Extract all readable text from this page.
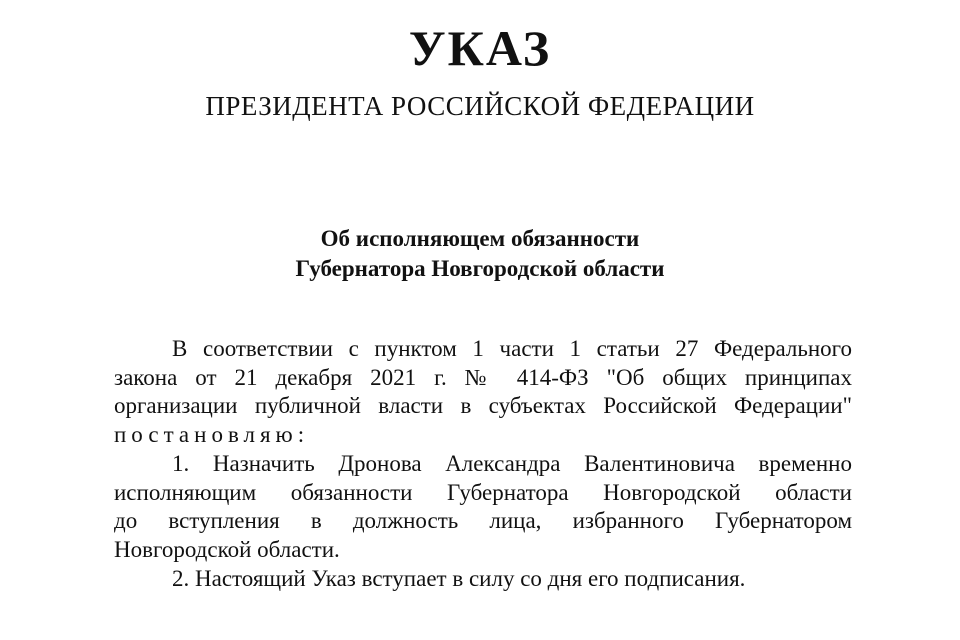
УКАЗ
ПРЕЗИДЕНТА РОССИЙСКОЙ ФЕДЕРАЦИИ
Об исполняющем обязанности
Губернатора Новгородской области
В соответствии с пунктом 1 части 1 статьи 27 Федерального
закона от 21 декабря 2021 г. № 414-ФЗ "Об общих принципах
организации публичной власти в субъектах Российской Федерации"
постановляю:
1. Назначить Дронова Александра Валентиновича временно
исполняющим обязанности Губернатора Новгородской области
до вступления в должность лица, избранного Губернатором
Новгородской области.
2. Настоящий Указ вступает в силу со дня его подписания.
